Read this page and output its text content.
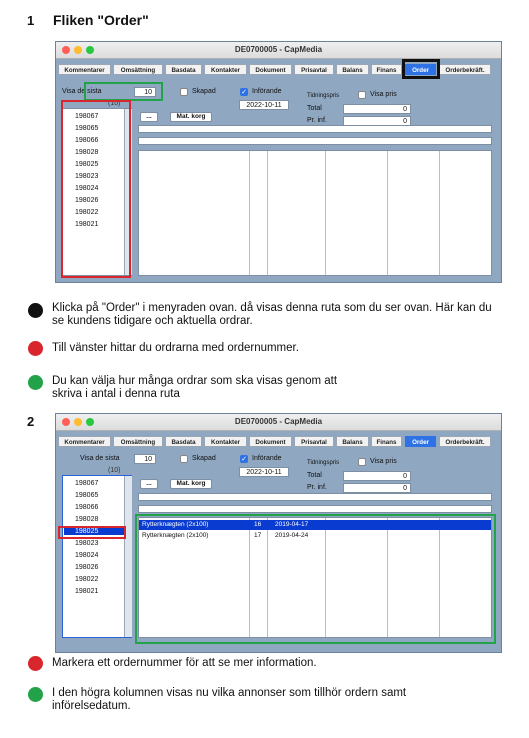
1 Fliken "Order"
DE0700005 - CapMedia
Kommentarer	Omsättning	Basdata	Kontakter	Dokument	Prisavtal	Balans	Finans	Order	Orderbekräft.
Visa de sista	10	Skapad	✓ Införande
2022-10-11
Tidningspris	Visa pris
Total	0
Pr. inf.	0
(10)
198067
198065
198066
198028
198025
198023
198024
198026
198022
198021
...	Mat. korg
Klicka på "Order" i menyraden ovan. då visas denna ruta som du ser ovan. Här kan du se kundens tidigare och aktuella ordrar.
Till vänster hittar du ordrarna med ordernummer.
Du kan välja hur många ordrar som ska visas genom att skriva i antal i denna ruta
2	DE0700005 - CapMedia
Kommentarer	Omsättning	Basdata	Kontakter	Dokument	Prisavtal	Balans	Finans	Order	Orderbekräft.
Visa de sista	10	Skapad	✓ Införande
2022-10-11
Tidningspris	Visa pris
Total	0
Pr. inf.	0
(10)
198067
198065
198066
198028
198025
198023
198024
198026
198022
198021
...	Mat. korg
Rytterknægten (2x100)	16 2019-04-17
Rytterknægten (2x100)	17 2019-04-24
Markera ett ordernummer för att se mer information.
I den högra kolumnen visas nu vilka annonser som tillhör ordern samt införelsedatum.
